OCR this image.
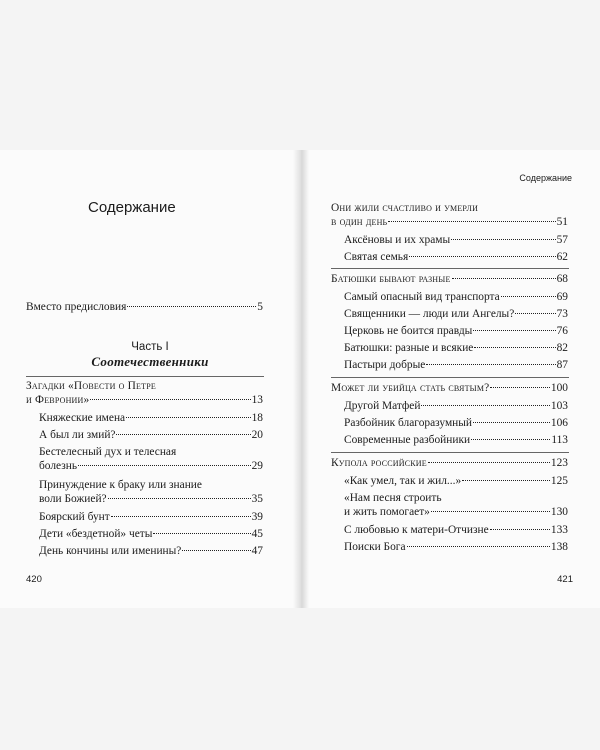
Содержание
Вместо предисловия	5
Часть I
Соотечественники
Загадки «Повести о Петре
и Февронии»	13
Княжеские имена	18
А был ли змий?	20
Бестелесный дух и телесная
болезнь	29
Принуждение к браку или знание
воли Божией?	35
Боярский бунт	39
Дети «бездетной» четы	45
День кончины или именины?	47
420
Содержание
Они жили счастливо и умерли
в один день	51
Аксёновы и их храмы	57
Святая семья	62
Батюшки бывают разные	68
Самый опасный вид транспорта	69
Священники — люди или Ангелы?	73
Церковь не боится правды	76
Батюшки: разные и всякие	82
Пастыри добрые	87
Может ли убийца стать святым?	100
Другой Матфей	103
Разбойник благоразумный	106
Современные разбойники	113
Купола российские	123
«Как умел, так и жил...»	125
«Нам песня строить
и жить помогает»	130
С любовью к матери-Отчизне	133
Поиски Бога	138
421
